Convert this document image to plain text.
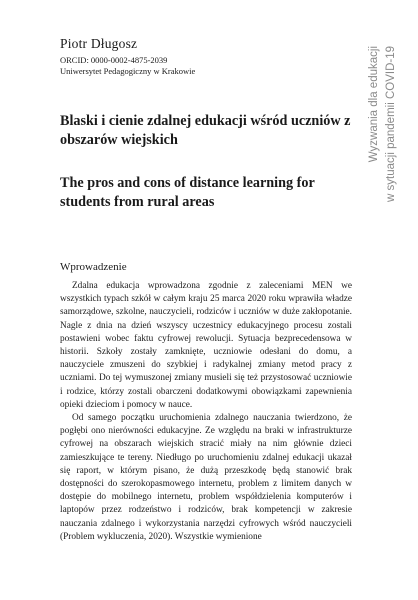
Piotr Długosz
ORCID: 0000-0002-4875-2039
Uniwersytet Pedagogiczny w Krakowie	Wyzwania dla edukacji w sytuacji pandemii COVID-19
Blaski i cienie zdalnej edukacji wśród uczniów z obszarów wiejskich
The pros and cons of distance learning for students from rural areas
Wprowadzenie

Zdalna edukacja wprowadzona zgodnie z zaleceniami MEN we wszystkich typach szkół w całym kraju 25 marca 2020 roku wprawiła władze samorządowe, szkolne, nauczycieli, rodziców i uczniów w duże zakłopotanie. Nagle z dnia na dzień wszyscy uczestnicy edukacyjnego procesu zostali postawieni wobec faktu cyfrowej rewolucji. Sytuacja bezprecedensowa w historii. Szkoły zostały zamknięte, uczniowie odesłani do domu, a nauczyciele zmuszeni do szybkiej i radykalnej zmiany metod pracy z uczniami. Do tej wymuszonej zmiany musieli się też przystosować uczniowie i rodzice, którzy zostali obarczeni dodatkowymi obowiązkami zapewnienia opieki dzieciom i pomocy w nauce.

Od samego początku uruchomienia zdalnego nauczania twierdzono, że pogłębi ono nierówności edukacyjne. Ze względu na braki w infrastrukturze cyfrowej na obszarach wiejskich stracić miały na nim głównie dzieci zamieszkujące te tereny. Niedługo po uruchomieniu zdalnej edukacji ukazał się raport, w którym pisano, że dużą przeszkodę będą stanowić brak dostępności do szerokopasmowego internetu, problem z limitem danych w dostępie do mobilnego internetu, problem współdzielenia komputerów i laptopów przez rodzeństwo i rodziców, brak kompetencji w zakresie nauczania zdalnego i wykorzystania narzędzi cyfrowych wśród nauczycieli (Problem wykluczenia, 2020). Wszystkie wymienione
